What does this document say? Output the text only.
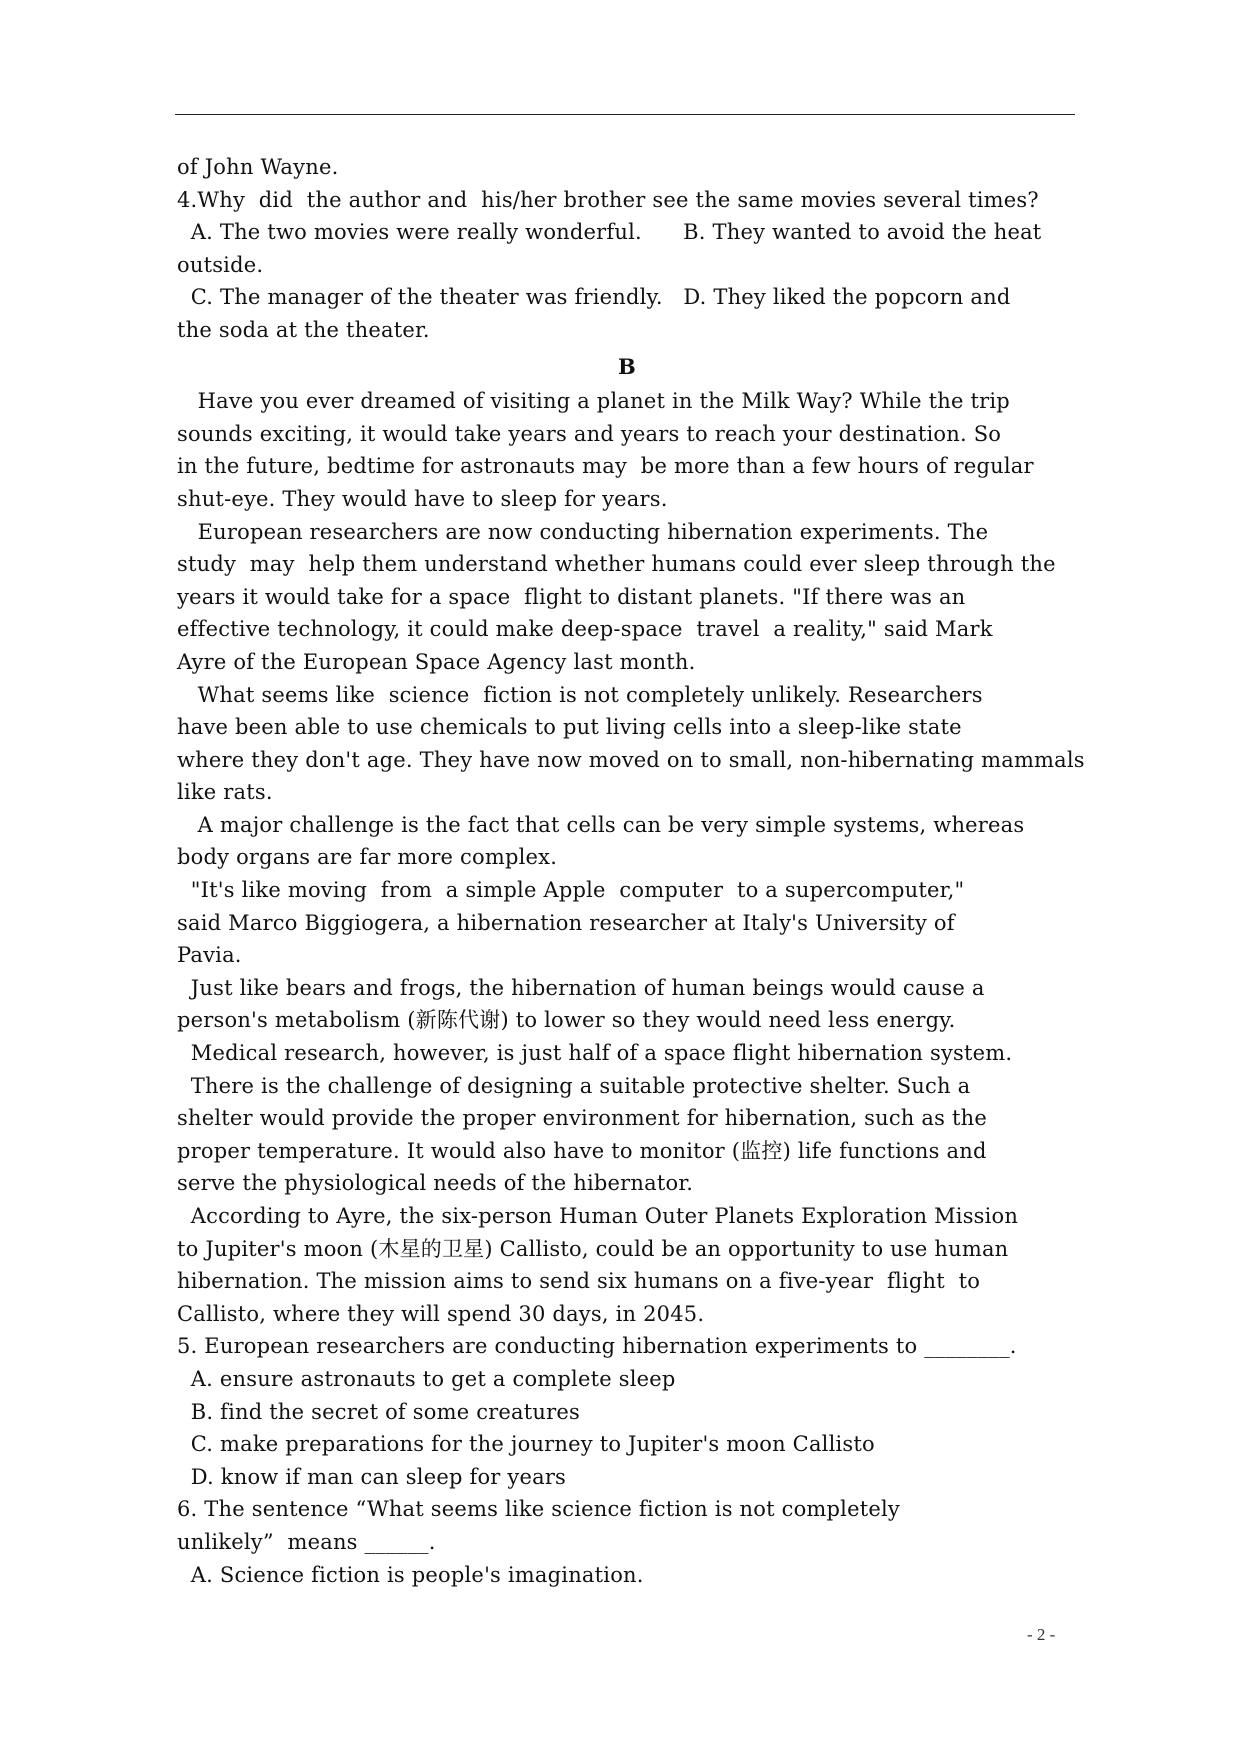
of John Wayne.
4.Why  did  the author and  his/her brother see the same movies several times?
A. The two movies were really wonderful.      B. They wanted to avoid the heat
outside.
C. The manager of the theater was friendly.   D. They liked the popcorn and
the soda at the theater.
B
Have you ever dreamed of visiting a planet in the Milk Way? While the trip
sounds exciting, it would take years and years to reach your destination. So
in the future, bedtime for astronauts may  be more than a few hours of regular
shut-eye. They would have to sleep for years.
European researchers are now conducting hibernation experiments. The
study  may  help them understand whether humans could ever sleep through the
years it would take for a space  flight to distant planets. "If there was an
effective technology, it could make deep-space  travel  a reality," said Mark
Ayre of the European Space Agency last month.
What seems like  science  fiction is not completely unlikely. Researchers
have been able to use chemicals to put living cells into a sleep-like state
where they don't age. They have now moved on to small, non-hibernating mammals
like rats.
A major challenge is the fact that cells can be very simple systems, whereas
body organs are far more complex.
"It's like moving  from  a simple Apple  computer  to a supercomputer,"
said Marco Biggiogera, a hibernation researcher at Italy's University of
Pavia.
Just like bears and frogs, the hibernation of human beings would cause a
person's metabolism (新陈代谢) to lower so they would need less energy.
Medical research, however, is just half of a space flight hibernation system.
There is the challenge of designing a suitable protective shelter. Such a
shelter would provide the proper environment for hibernation, such as the
proper temperature. It would also have to monitor (监控) life functions and
serve the physiological needs of the hibernator.
According to Ayre, the six-person Human Outer Planets Exploration Mission
to Jupiter's moon (木星的卫星) Callisto, could be an opportunity to use human
hibernation. The mission aims to send six humans on a five-year  flight  to
Callisto, where they will spend 30 days, in 2045.
5. European researchers are conducting hibernation experiments to ________.
A. ensure astronauts to get a complete sleep
B. find the secret of some creatures
C. make preparations for the journey to Jupiter's moon Callisto
D. know if man can sleep for years
6. The sentence “What seems like science fiction is not completely
unlikely”  means ______.
A. Science fiction is people's imagination.
- 2 -
